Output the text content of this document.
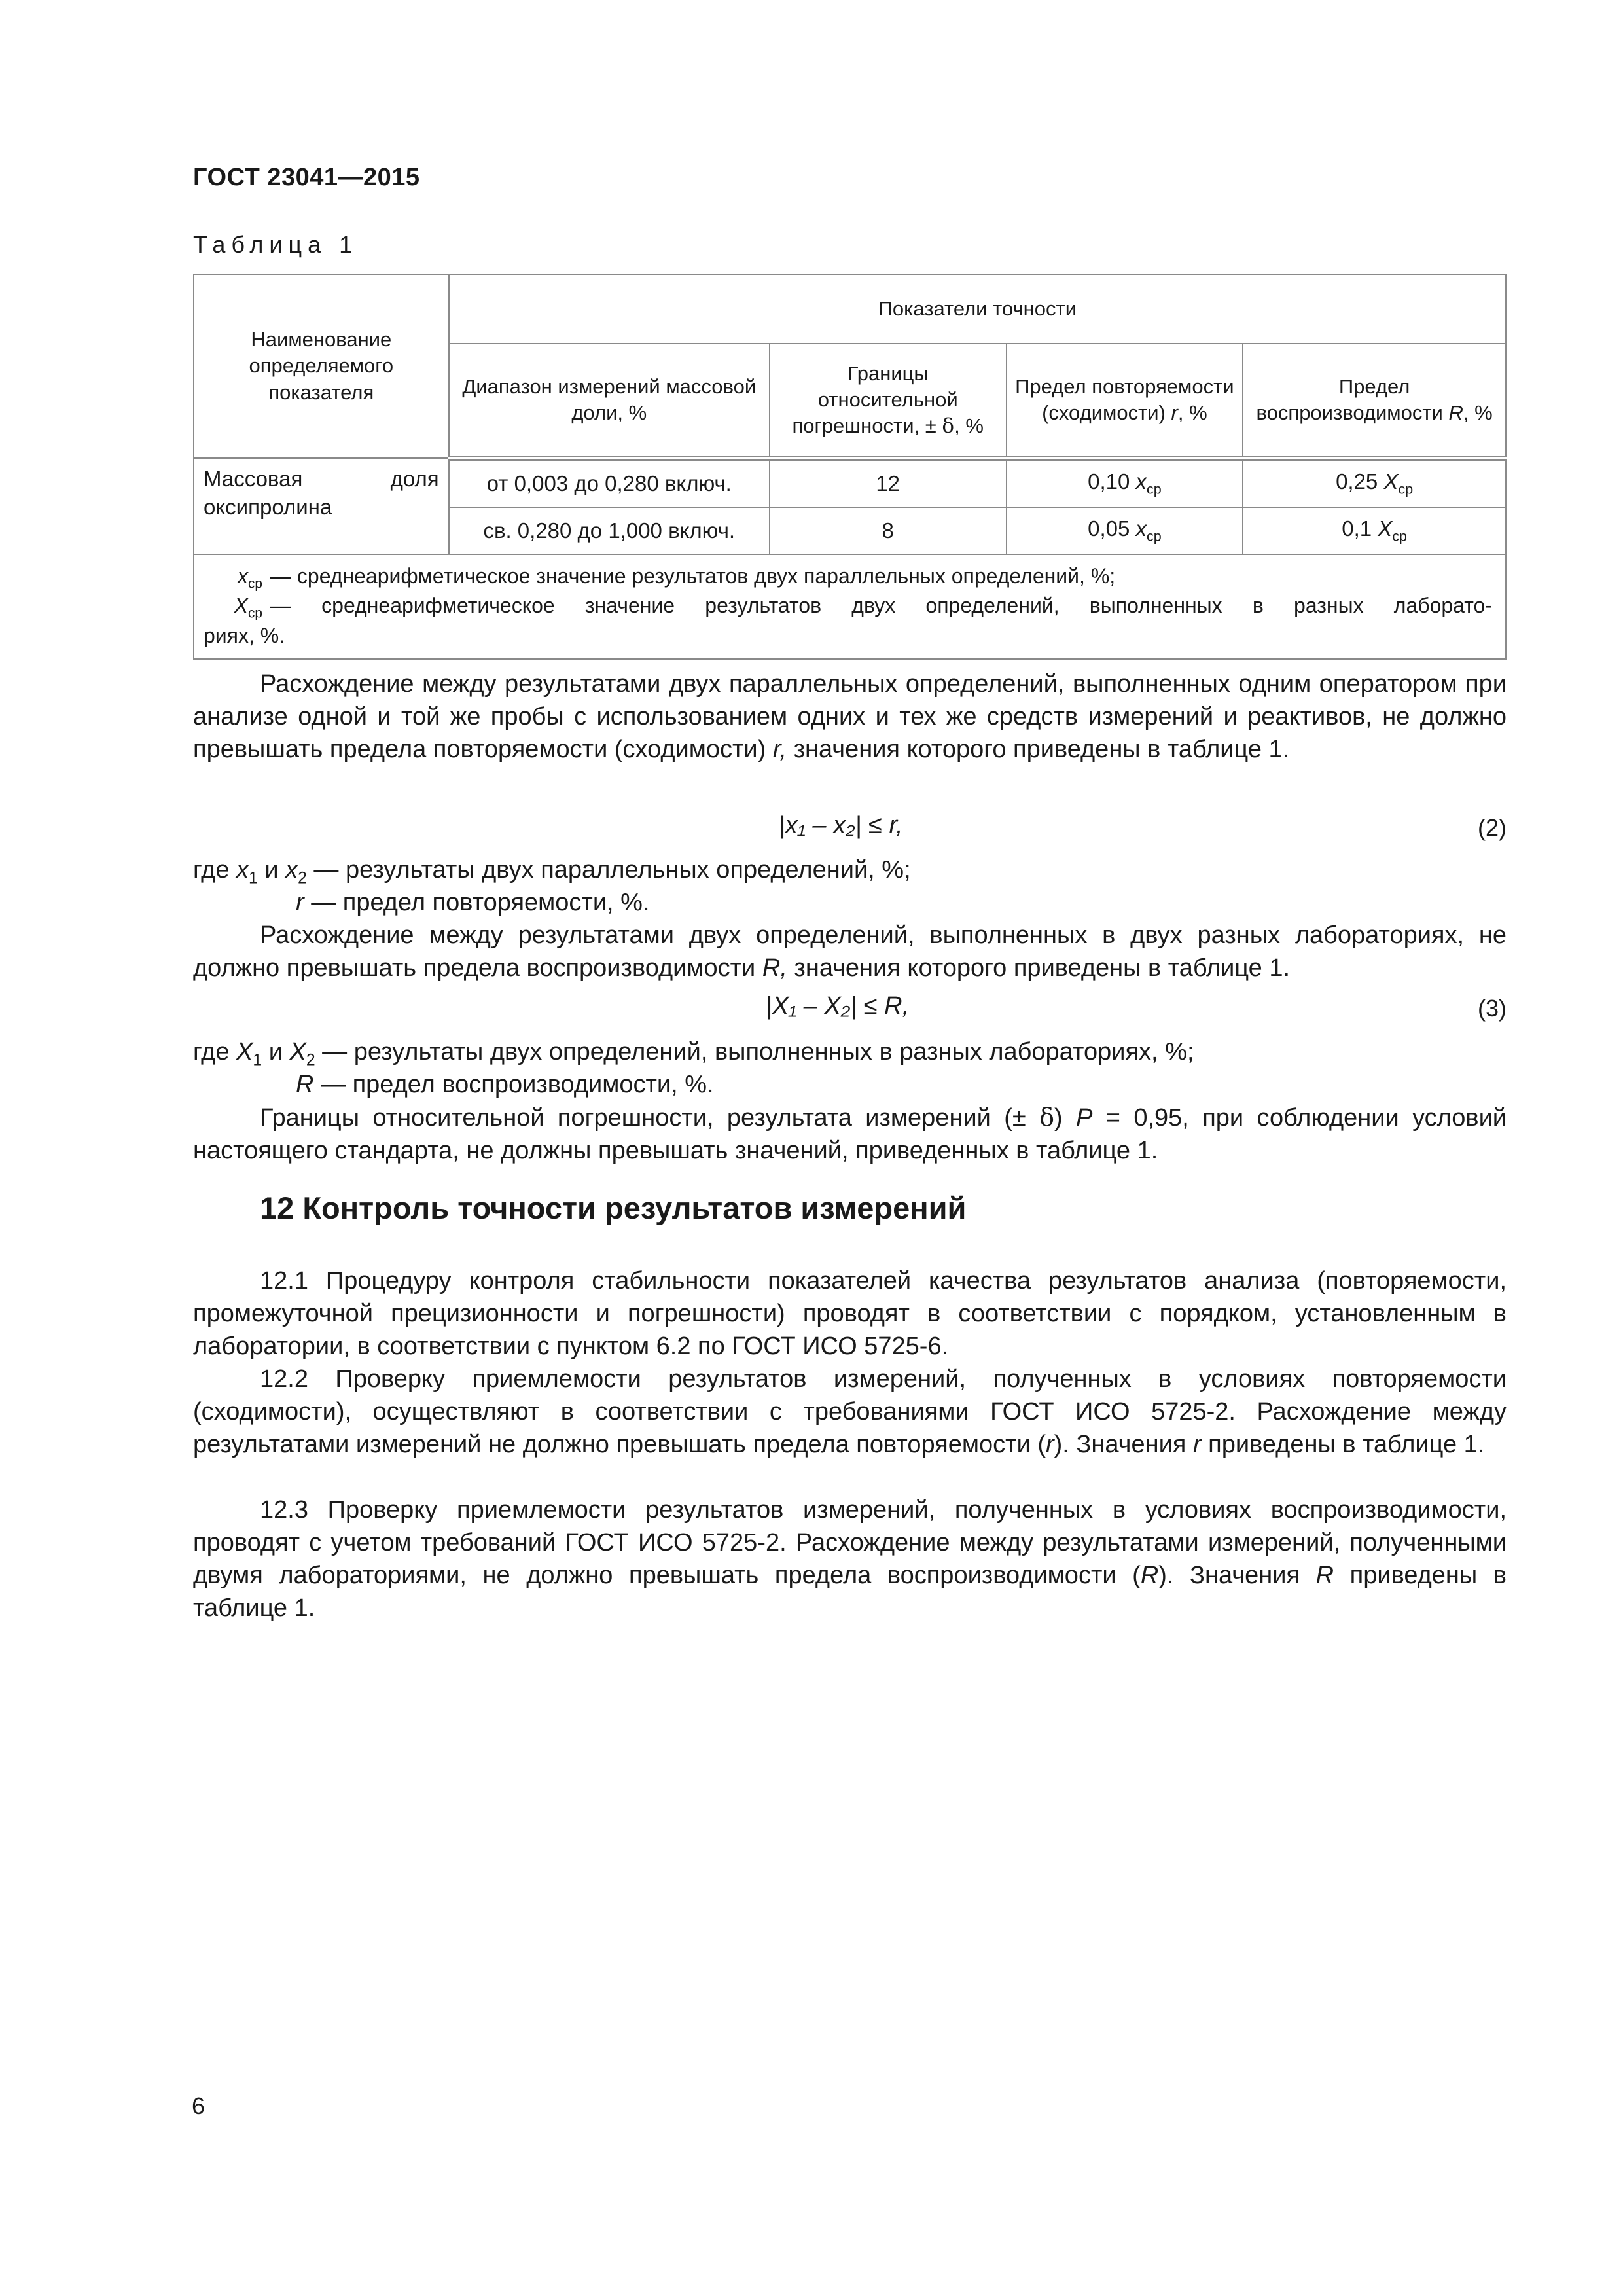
ГОСТ 23041—2015
Таблица 1
Наименование определяемого показателя	Показатели точности			
	Диапазон измерений массовой доли, %	Границы относительной погрешности, ± δ, %	Предел повторяемости (сходимости) r, %	Предел воспроизводимости R, %

Массовая доля
оксипролина	от 0,003 до 0,280 включ.	12	0,10 $x_{ср}$	0,25 $X_{ср}$
	св. 0,280 до 1,000 включ.	8	0,05 $x_{ср}$	0,1 $X_{ср}$

$x_{ср}$ — среднеарифметическое значение результатов двух параллельных определений, %;
$X_{ср}$ — среднеарифметическое значение результатов двух определений, выполненных в разных лаборато-
риях, %.				
Расхождение между результатами двух параллельных определений, выполненных одним оператором при анализе одной и той же пробы с использованием одних и тех же средств измерений и реактивов, не должно превышать предела повторяемости (сходимости) r, значения которого приведены в таблице 1.
|x₁ – x₂| ≤ r,	(2)
где $x_1$ и $x_2$ — результаты двух параллельных определений, %;
r — предел повторяемости, %.
Расхождение между результатами двух определений, выполненных в двух разных лабораториях, не должно превышать предела воспроизводимости R, значения которого приведены в таблице 1.
|X₁ – X₂| ≤ R,	(3)
где $X_1$ и $X_2$ — результаты двух определений, выполненных в разных лабораториях, %;
R — предел воспроизводимости, %.
Границы относительной погрешности, результата измерений (± δ) P = 0,95, при соблюдении условий настоящего стандарта, не должны превышать значений, приведенных в таблице 1.
12 Контроль точности результатов измерений
12.1 Процедуру контроля стабильности показателей качества результатов анализа (повторяемости, промежуточной прецизионности и погрешности) проводят в соответствии с порядком, установленным в лаборатории, в соответствии с пунктом 6.2 по ГОСТ ИСО 5725-6.
12.2 Проверку приемлемости результатов измерений, полученных в условиях повторяемости (сходимости), осуществляют в соответствии с требованиями ГОСТ ИСО 5725-2. Расхождение между результатами измерений не должно превышать предела повторяемости (r). Значения r приведены в таблице 1.
12.3 Проверку приемлемости результатов измерений, полученных в условиях воспроизводимости, проводят с учетом требований ГОСТ ИСО 5725-2. Расхождение между результатами измерений, полученными двумя лабораториями, не должно превышать предела воспроизводимости (R). Значения R приведены в таблице 1.
6
